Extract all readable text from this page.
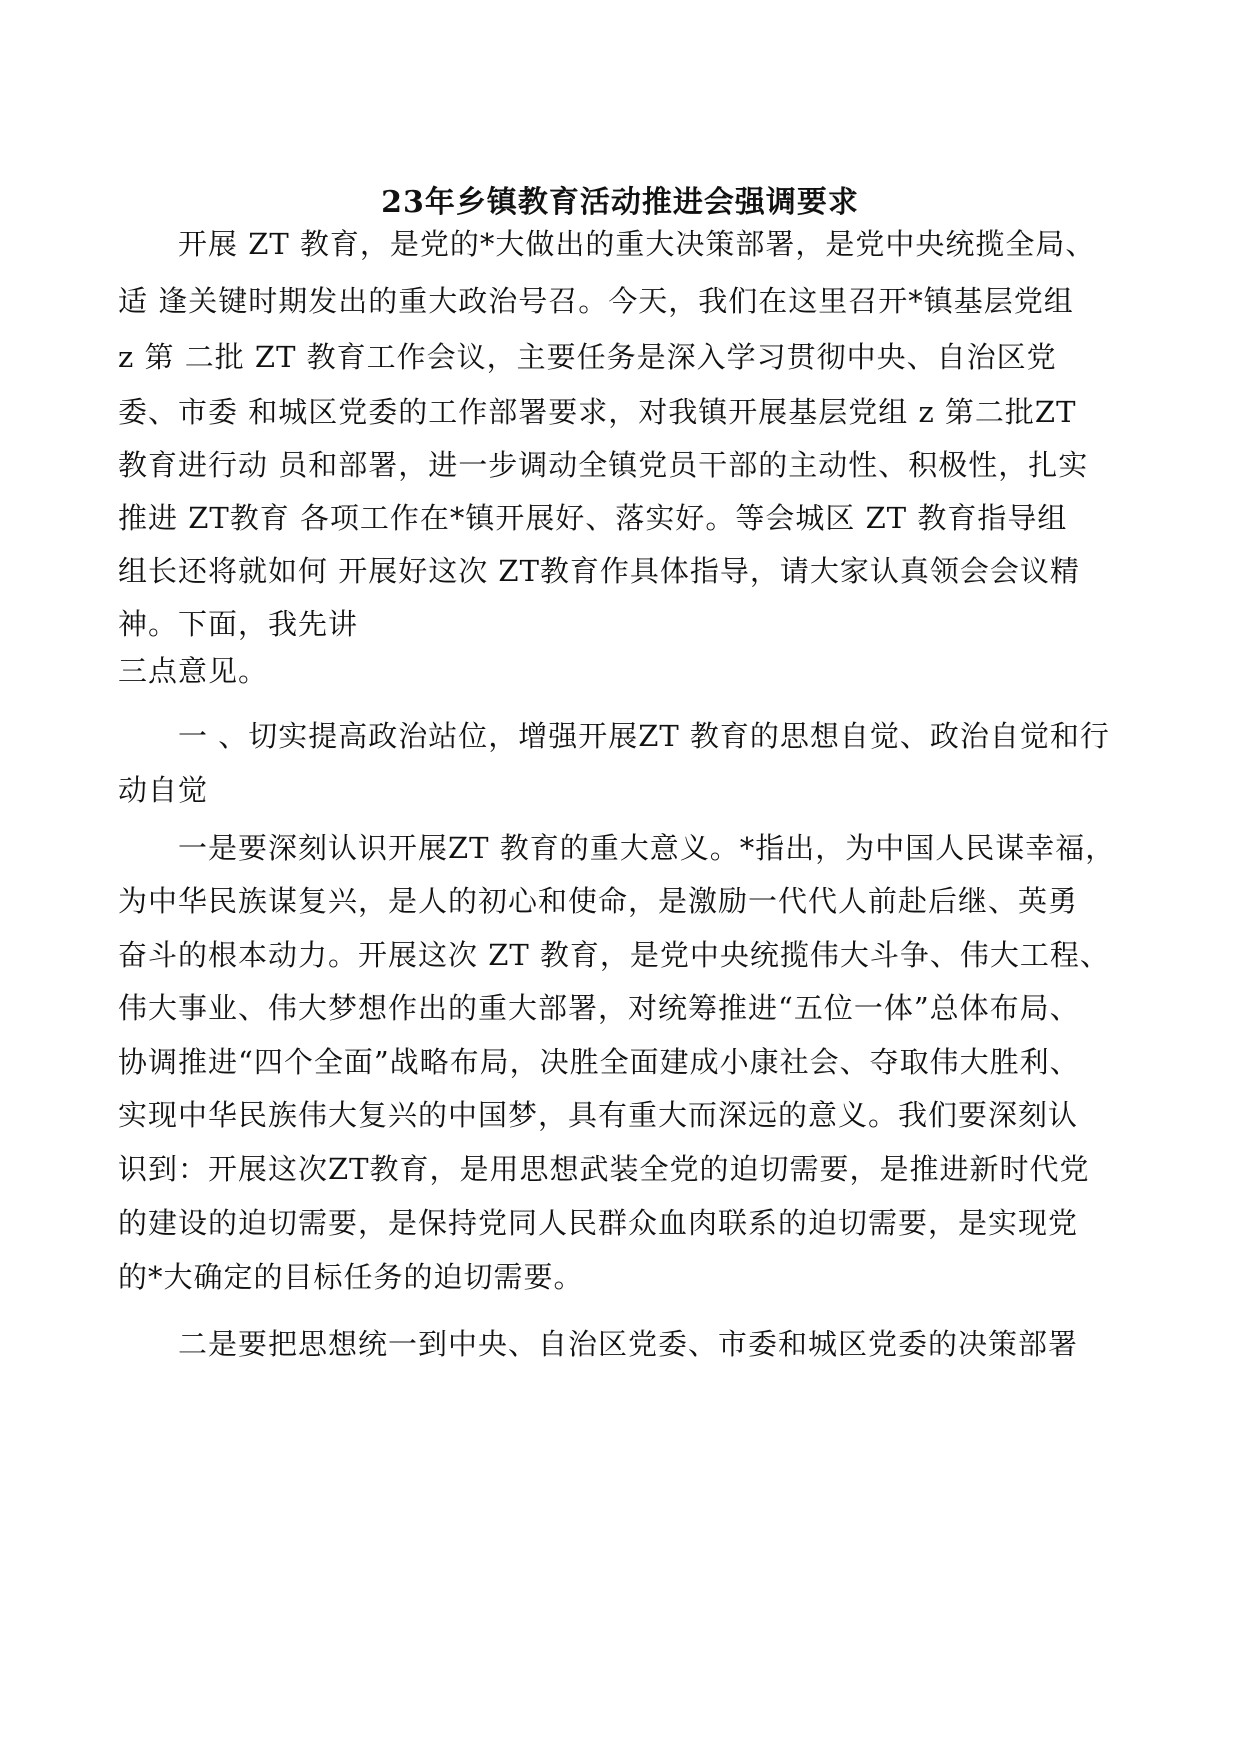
23年乡镇教育活动推进会强调要求
开展 ZT 教育，是党的*大做出的重大决策部署，是党中央统揽全局、
适 逢关键时期发出的重大政治号召。今天，我们在这里召开*镇基层党组
z 第 二批 ZT 教育工作会议，主要任务是深入学习贯彻中央、自治区党
委、市委 和城区党委的工作部署要求，对我镇开展基层党组 z 第二批ZT
教育进行动 员和部署，进一步调动全镇党员干部的主动性、积极性，扎实
推进 ZT教育 各项工作在*镇开展好、落实好。等会城区 ZT 教育指导组
组长还将就如何 开展好这次 ZT教育作具体指导，请大家认真领会会议精
神。下面，我先讲
三点意见。
一 、切实提高政治站位，增强开展ZT 教育的思想自觉、政治自觉和行
动自觉
一是要深刻认识开展ZT 教育的重大意义。*指出，为中国人民谋幸福，
为中华民族谋复兴，是人的初心和使命，是激励一代代人前赴后继、英勇
奋斗的根本动力。开展这次 ZT 教育，是党中央统揽伟大斗争、伟大工程、
伟大事业、伟大梦想作出的重大部署，对统筹推进“五位一体”总体布局、
协调推进“四个全面”战略布局，决胜全面建成小康社会、夺取伟大胜利、
实现中华民族伟大复兴的中国梦，具有重大而深远的意义。我们要深刻认
识到：开展这次ZT教育，是用思想武装全党的迫切需要，是推进新时代党
的建设的迫切需要，是保持党同人民群众血肉联系的迫切需要，是实现党
的*大确定的目标任务的迫切需要。
二是要把思想统一到中央、自治区党委、市委和城区党委的决策部署
